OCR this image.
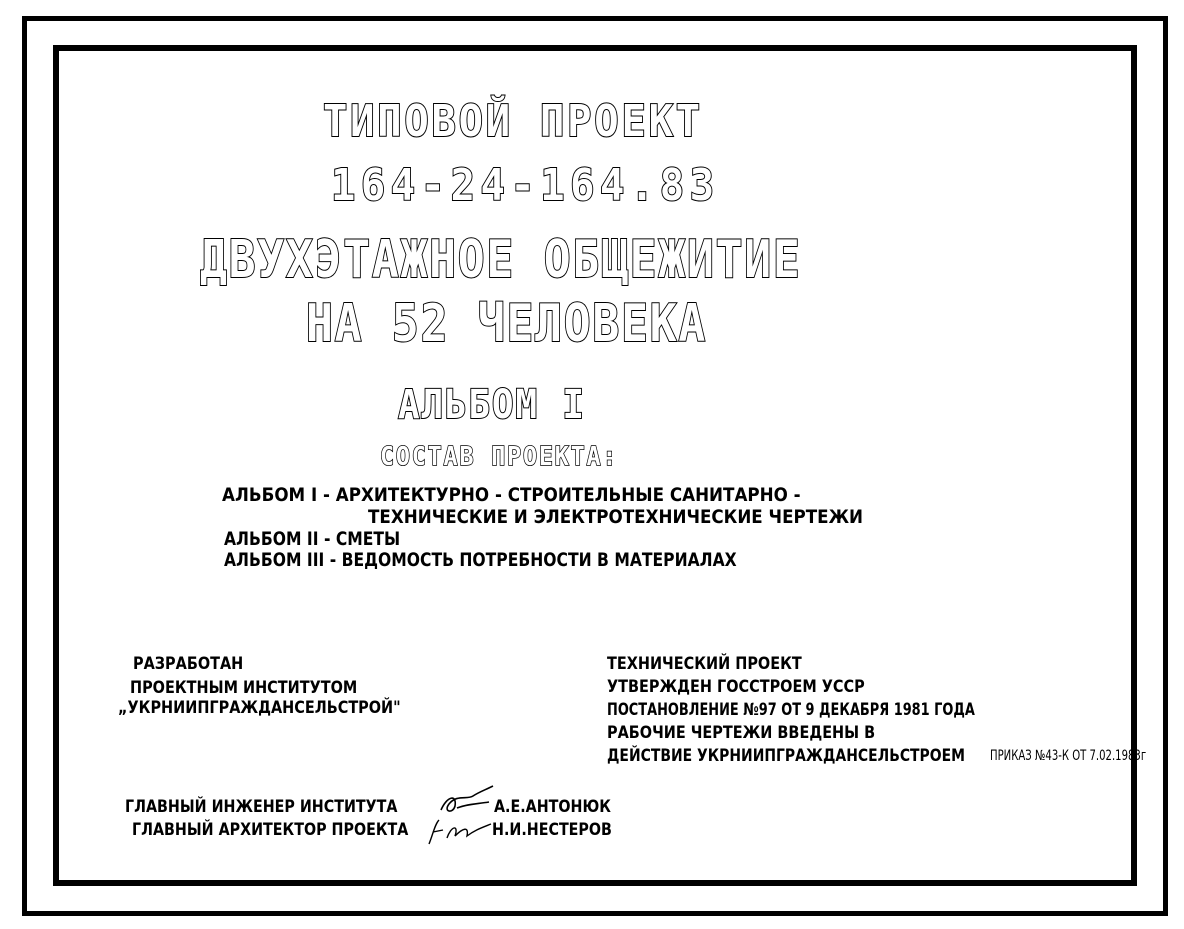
ТИПОВОЙ ПРОЕКТ
164-24-164.83
ДВУХЭТАЖНОЕ ОБЩЕЖИТИЕ
НА 52 ЧЕЛОВЕКА
АЛЬБОМ I
СОСТАВ ПРОЕКТА:
АЛЬБОМ I - АРХИТЕКТУРНО - СТРОИТЕЛЬНЫЕ САНИТАРНО -
ТЕХНИЧЕСКИЕ И ЭЛЕКТРОТЕХНИЧЕСКИЕ ЧЕРТЕЖИ
АЛЬБОМ II - СМЕТЫ
АЛЬБОМ III - ВЕДОМОСТЬ ПОТРЕБНОСТИ В МАТЕРИАЛАХ
РАЗРАБОТАН
ПРОЕКТНЫМ ИНСТИТУТОМ
„УКРНИИПГРАЖДАНСЕЛЬСТРОЙ"
ТЕХНИЧЕСКИЙ ПРОЕКТ
УТВЕРЖДЕН ГОССТРОЕМ УССР
ПОСТАНОВЛЕНИЕ №97 ОТ 9 ДЕКАБРЯ 1981 ГОДА
РАБОЧИЕ ЧЕРТЕЖИ ВВЕДЕНЫ В
ДЕЙСТВИЕ УКРНИИПГРАЖДАНСЕЛЬСТРОЕМ ПРИКАЗ №43-К ОТ 7.02.1983г
ГЛАВНЫЙ ИНЖЕНЕР ИНСТИТУТА	А.Е.АНТОНЮК
ГЛАВНЫЙ АРХИТЕКТОР ПРОЕКТА	Н.И.НЕСТЕРОВ
